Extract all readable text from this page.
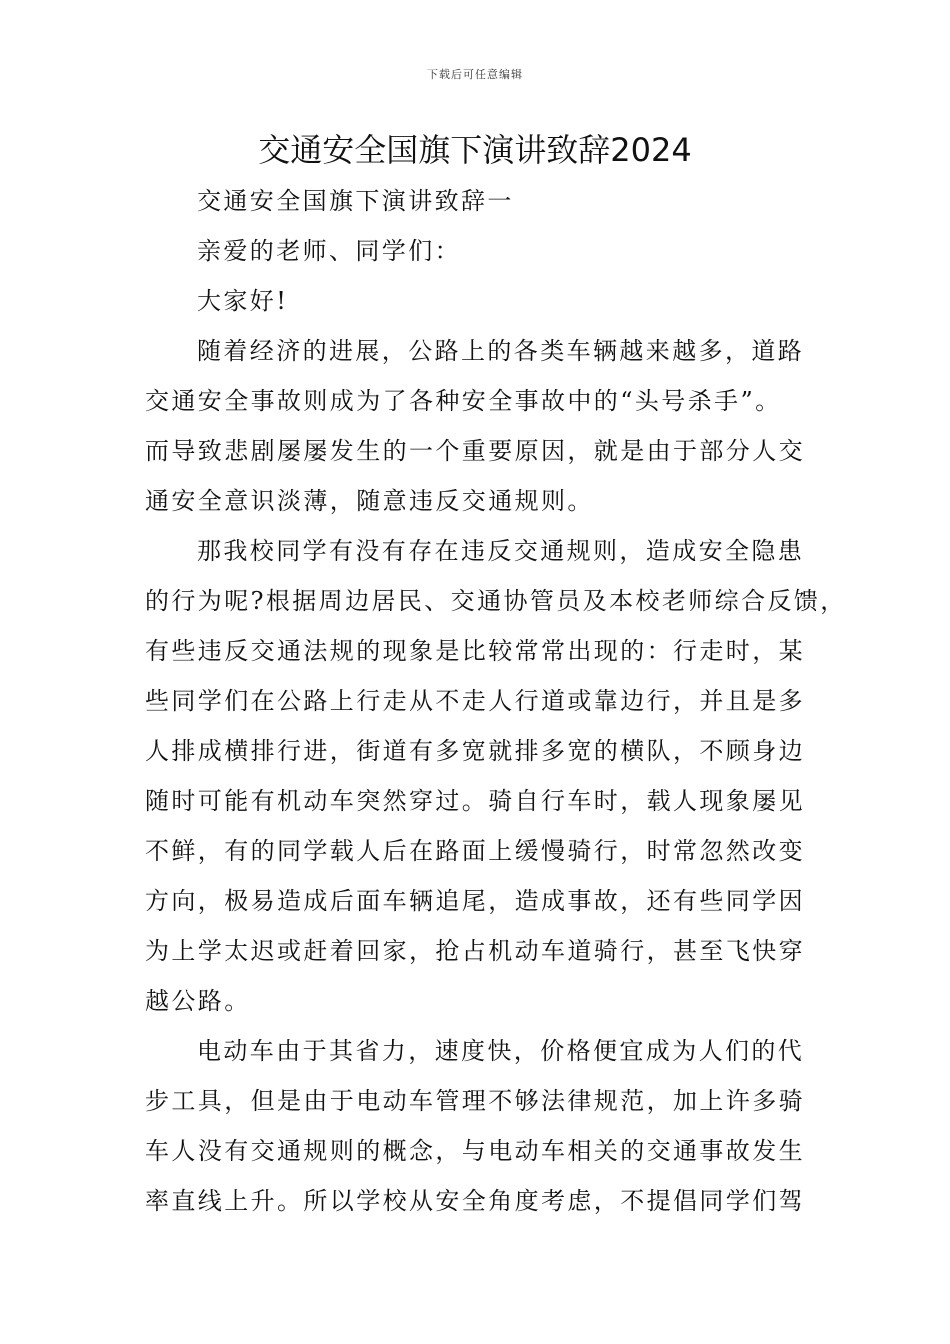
下载后可任意编辑
交通安全国旗下演讲致辞2024
交通安全国旗下演讲致辞一
亲爱的老师、同学们：
大家好!
随着经济的进展，公路上的各类车辆越来越多，道路
交通安全事故则成为了各种安全事故中的“头号杀手”。
而导致悲剧屡屡发生的一个重要原因，就是由于部分人交
通安全意识淡薄，随意违反交通规则。
那我校同学有没有存在违反交通规则，造成安全隐患
的行为呢?根据周边居民、交通协管员及本校老师综合反馈，
有些违反交通法规的现象是比较常常出现的：行走时，某
些同学们在公路上行走从不走人行道或靠边行，并且是多
人排成横排行进，街道有多宽就排多宽的横队，不顾身边
随时可能有机动车突然穿过。骑自行车时，载人现象屡见
不鲜，有的同学载人后在路面上缓慢骑行，时常忽然改变
方向，极易造成后面车辆追尾，造成事故，还有些同学因
为上学太迟或赶着回家，抢占机动车道骑行，甚至飞快穿
越公路。
电动车由于其省力，速度快，价格便宜成为人们的代
步工具，但是由于电动车管理不够法律规范，加上许多骑
车人没有交通规则的概念，与电动车相关的交通事故发生
率直线上升。所以学校从安全角度考虑，不提倡同学们驾
